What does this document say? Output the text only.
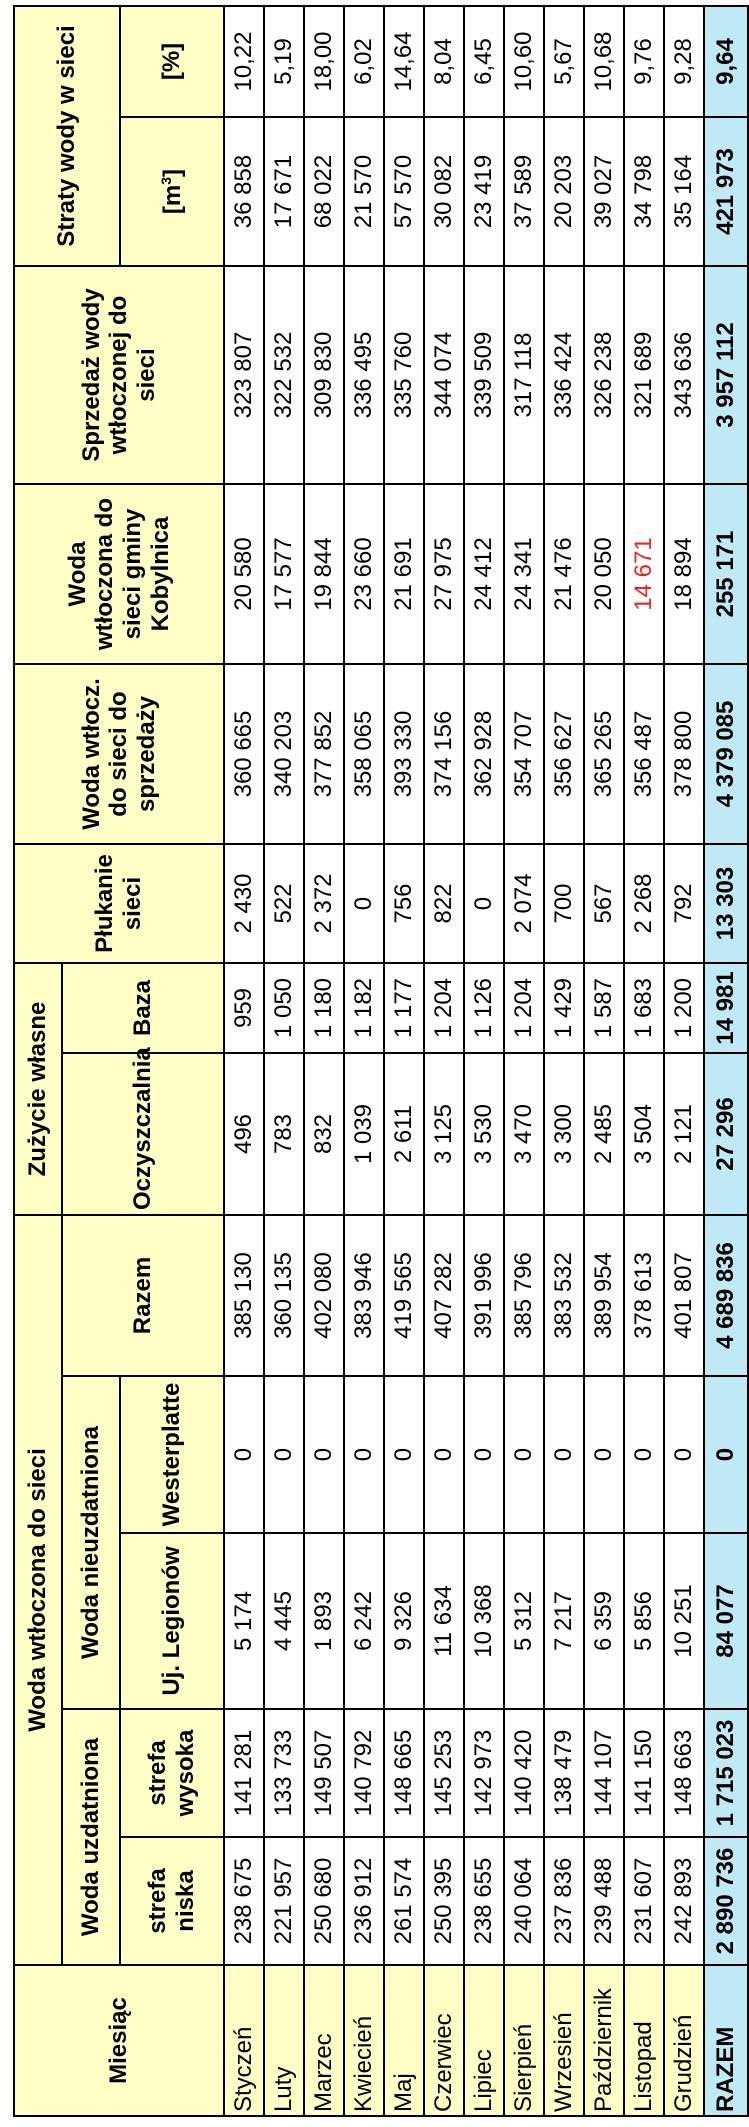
Miesiąc	Woda wtłoczona do sieci					Zużycie własne		Płukanie sieci	Woda wtłocz. do sieci do sprzedaży	Woda wtłoczona do sieci gminy Kobylnica	Sprzedaż wody wtłoczonej do sieci	Straty wody w sieci	
	Woda uzdatniona		Woda nieuzdatniona		Razem	Oczyszczalnia	Baza						
	strefa niska	strefa wysoka	Uj. Legionów	Westerplatte								$[m^3]$	[%]
Styczeń	238 675	141 281	5 174	0	385 130	496	959	2 430	360 665	20 580	323 807	36 858	10,22
Luty	221 957	133 733	4 445	0	360 135	783	1 050	522	340 203	17 577	322 532	17 671	5,19
Marzec	250 680	149 507	1 893	0	402 080	832	1 180	2 372	377 852	19 844	309 830	68 022	18,00
Kwiecień	236 912	140 792	6 242	0	383 946	1 039	1 182	0	358 065	23 660	336 495	21 570	6,02
Maj	261 574	148 665	9 326	0	419 565	2 611	1 177	756	393 330	21 691	335 760	57 570	14,64
Czerwiec	250 395	145 253	11 634	0	407 282	3 125	1 204	822	374 156	27 975	344 074	30 082	8,04
Lipiec	238 655	142 973	10 368	0	391 996	3 530	1 126	0	362 928	24 412	339 509	23 419	6,45
Sierpień	240 064	140 420	5 312	0	385 796	3 470	1 204	2 074	354 707	24 341	317 118	37 589	10,60
Wrzesień	237 836	138 479	7 217	0	383 532	3 300	1 429	700	356 627	21 476	336 424	20 203	5,67
Październik	239 488	144 107	6 359	0	389 954	2 485	1 587	567	365 265	20 050	326 238	39 027	10,68
Listopad	231 607	141 150	5 856	0	378 613	3 504	1 683	2 268	356 487	14 671	321 689	34 798	9,76
Grudzień	242 893	148 663	10 251	0	401 807	2 121	1 200	792	378 800	18 894	343 636	35 164	9,28
RAZEM	2 890 736	1 715 023	84 077	0	4 689 836	27 296	14 981	13 303	4 379 085	255 171	3 957 112	421 973	9,64
